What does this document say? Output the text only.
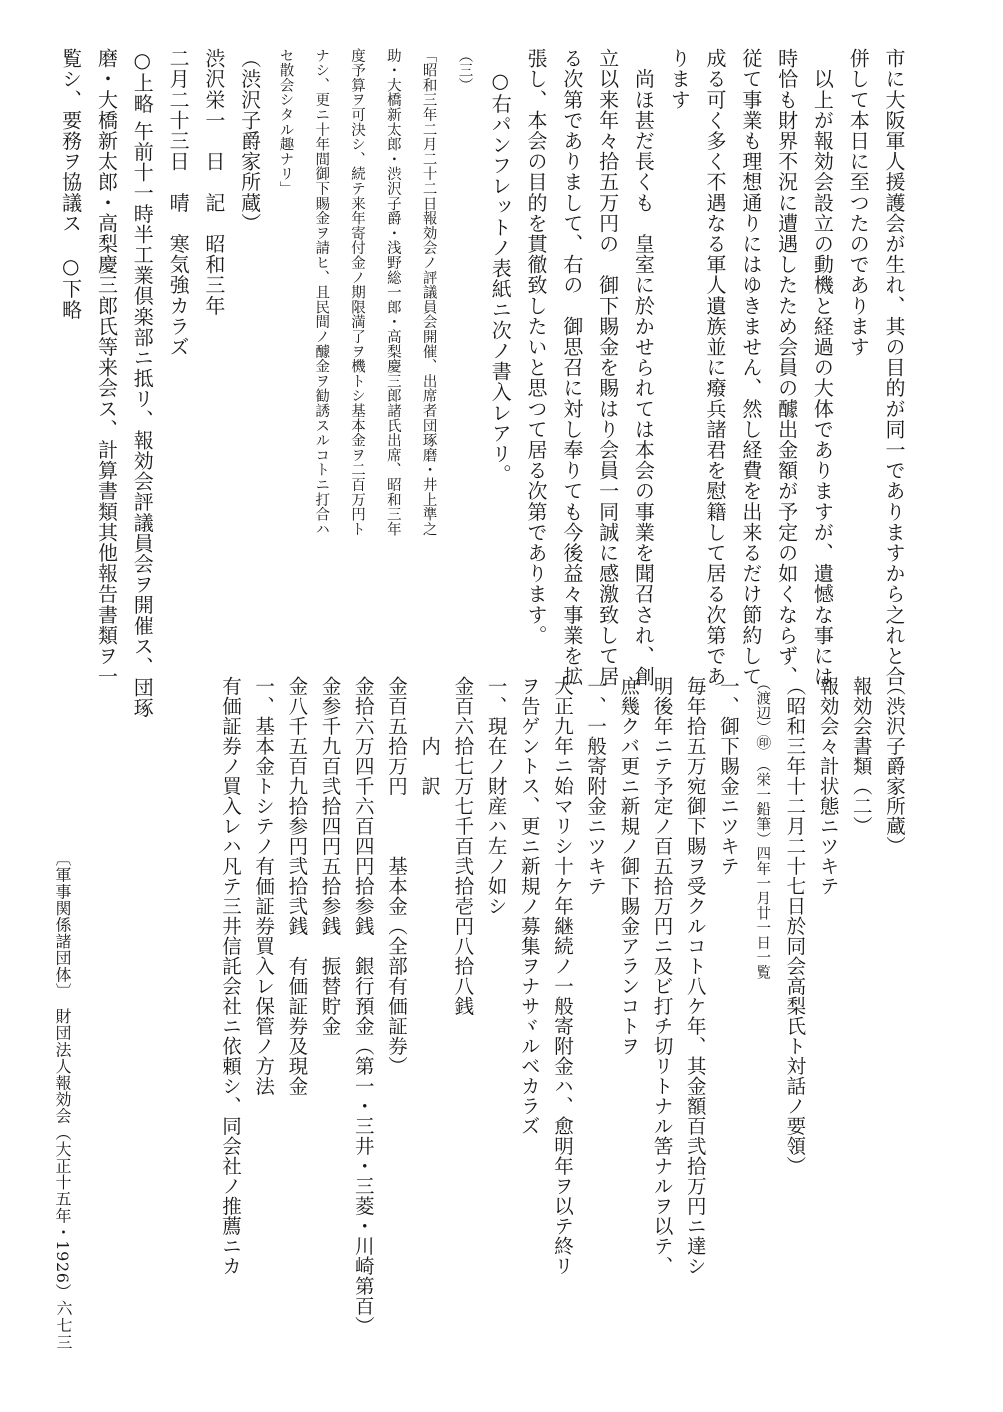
市に大阪軍人援護会が生れ、其の目的が同一でありますから之れと合
併して本日に至つたのであります
　以上が報効会設立の動機と経過の大体でありますが、遺憾な事には
時恰も財界不況に遭遇したため会員の醵出金額が予定の如くならず、
従て事業も理想通りにはゆきません、然し経費を出来るだけ節約して
成る可く多く不遇なる軍人遺族並に癈兵諸君を慰籍して居る次第であ
ります
　尚ほ甚だ長くも　皇室に於かせられては本会の事業を聞召され、創
立以来年々拾五万円の　御下賜金を賜はり会員一同誠に感激致して居
る次第でありまして、右の　御思召に対し奉りても今後益々事業を拡
張し、本会の目的を貫徹致したいと思つて居る次第であります。
　○右パンフレットノ表紙ニ次ノ書入レアリ。
（三）
「昭和三年二月二十二日報効会ノ評議員会開催、出席者団琢磨・井上準之
助・大橋新太郎・渋沢子爵・浅野総一郎・高梨慶三郎諸氏出席、昭和三年
度予算ヲ可決シ、続テ来年寄付金ノ期限満了ヲ機トシ基本金ヲ二百万円ト
ナシ、更ニ十年間御下賜金ヲ請ヒ、且民間ノ醵金ヲ勧誘スルコトニ打合ハ
セ散会シタル趣ナリ」
（渋沢子爵家所蔵）
渋沢栄一　日　記　昭和三年
二月二十三日　晴　寒気強カラズ
○上略 午前十一時半工業倶楽部ニ抵リ、報効会評議員会ヲ開催ス、団琢
磨・大橋新太郎・高梨慶三郎氏等来会ス、計算書類其他報告書類ヲ一
覧シ、要務ヲ協議ス　○下略
（渋沢子爵家所蔵）
報効会書類（二）
報効会々計状態ニツキテ
（昭和三年十二月二十七日於同会高梨氏ト対話ノ要領）
（渡辺）㊞　（栄一鉛筆）四年一月廿一日一覧
一、御下賜金ニツキテ
毎年拾五万宛御下賜ヲ受クルコト八ケ年、其金額百弐拾万円ニ達シ
明後年ニテ予定ノ百五拾万円ニ及ビ打チ切リトナル筈ナルヲ以テ、
庶幾クバ更ニ新規ノ御下賜金アランコトヲ
一、一般寄附金ニツキテ
大正九年ニ始マリシ十ケ年継続ノ一般寄附金ハ、愈明年ヲ以テ終リ
ヲ告ゲントス、更ニ新規ノ募集ヲナサヾルベカラズ
一、現在ノ財産ハ左ノ如シ
金百六拾七万七千百弐拾壱円八拾八銭
　　　内　訳
金百五拾万円　　　基本金（全部有価証券）
金拾六万四千六百四円拾参銭　銀行預金（第一・三井・三菱・川崎第百）
金参千九百弐拾四円五拾参銭　振替貯金
金八千五百九拾参円弐拾弐銭　有価証券及現金
一、基本金トシテノ有価証券買入レ保管ノ方法
有価証券ノ買入レハ凡テ三井信託会社ニ依頼シ、同会社ノ推薦ニカ
〔軍事関係諸団体〕　財団法人報効会（大正十五年・1926）
六七三
